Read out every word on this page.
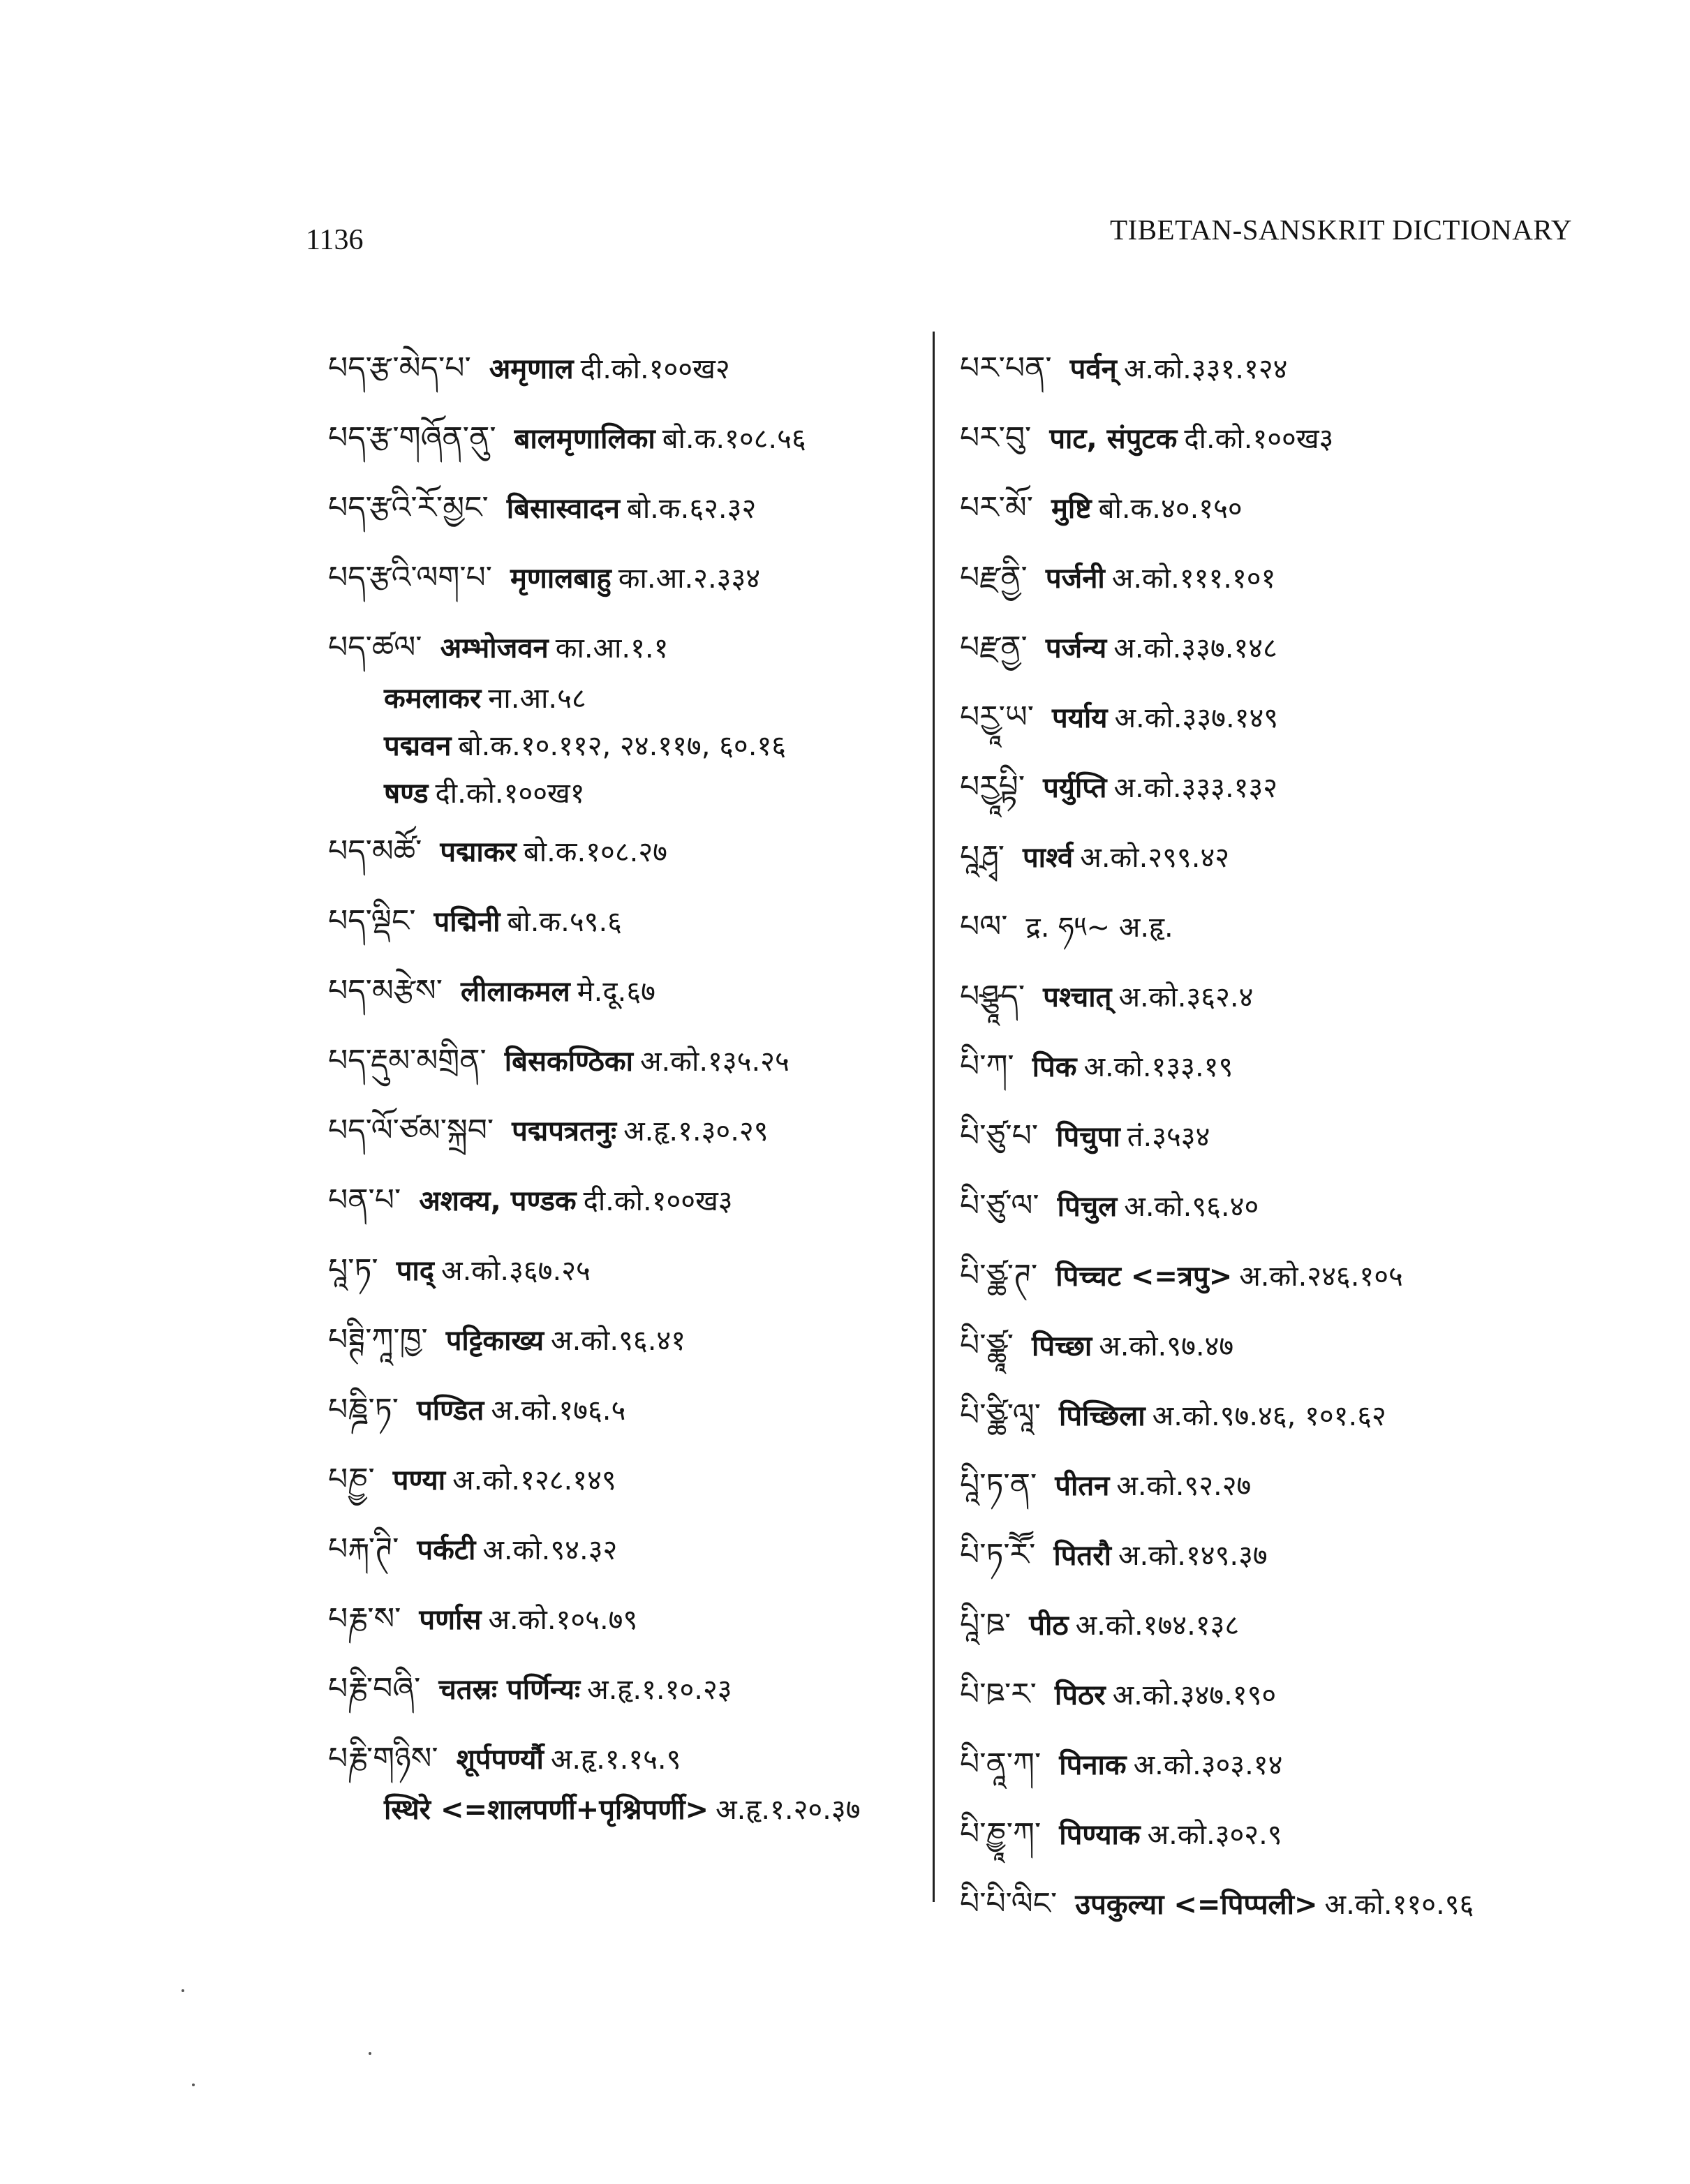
1136	TIBETAN-SANSKRIT DICTIONARY
པད་རྩ་མེད་པ་ अमृणाल दी.को.१००ख२
པད་རྩ་གཞོན་ནུ་ बालमृणालिका बो.क.१०८.५६
པད་རྩའི་རོ་མྱང་ बिसास्वादन बो.क.६२.३२
པད་རྩའི་ལག་པ་ मृणालबाहु का.आ.२.३३४
པད་ཚལ་ अम्भोजवन का.आ.१.१
कमलाकर ना.आ.५८
पद्मवन बो.क.१०.११२, २४.११७, ६०.१६
षण्ड दी.को.१००ख१
པད་མཚོ་ पद्माकर बो.क.१०८.२७
པད་ལྡིང་ पद्मिनी बो.क.५९.६
པད་མརྩེས་ लीलाकमल मे.दू.६७
པད་རྡུམ་མགྲིན་ बिसकण्ठिका अ.को.१३५.२५
པད་ལོ་ཙམ་སྐྲབ་ पद्मपत्रतनुः अ.हृ.१.३०.२९
པན་པ་ अशक्य, पण्डक दी.को.१००ख३
པཱ་ཏ་ पाद् अ.को.३६७.२५
པཊྚི་ཀཱ་ཁྱ་ पट्टिकाख्य अ.को.९६.४१
པཎྜི་ཏ་ पण्डित अ.को.१७६.५
པཎྱ་ पण्या अ.को.१२८.१४९
པརྐ་ཊི་ पर्कटी अ.को.९४.३२
པརྞ་ས་ पर्णास अ.को.१०५.७९
པརྞི་བཞི་ चतस्रः पर्णिन्यः अ.हृ.१.१०.२३
པརྞི་གཉིས་ शूर्पपर्ण्यौ अ.हृ.१.१५.९
स्थिरे <=शालपर्णी+पृश्निपर्णी> अ.हृ.१.२०.३७
པར་པན་ पर्वन् अ.को.३३१.१२४
པར་བུ་ पाट, संपुटक दी.को.१००ख३
པར་མོ་ मुष्टि बो.क.४०.१५०
པརྫནྱི་ पर्जनी अ.को.१११.१०१
པརྫནྱ་ पर्जन्य अ.को.३३७.१४८
པརྱཱ་ཡ་ पर्याय अ.को.३३७.१४९
པརྱཱཔྟི་ पर्युप्ति अ.को.३३३.१३२
པཱརྴྭ་ पार्श्व अ.को.२९९.४२
པལ་ द्र. ཧ༥~ अ.हृ.
པཤྩཱད་ पश्चात् अ.को.३६२.४
པི་ཀ་ पिक अ.को.१३३.१९
པི་ཙུ་པ་ पिचुपा तं.३५३४
པི་ཙུ་ལ་ पिचुल अ.को.९६.४०
པི་ཙྪ་ཊ་ पिच्चट <=त्रपु> अ.को.२४६.१०५
པི་ཙྪཱ་ पिच्छा अ.को.९७.४७
པི་ཙྪི་ལཱ་ पिच्छिला अ.को.९७.४६, १०१.६२
པཱི་ཏ་ན་ पीतन अ.को.९२.२७
པི་ཏ་རཽ་ पितरौ अ.को.१४९.३७
པཱི་ཋ་ पीठ अ.को.१७४.१३८
པི་ཋ་ར་ पिठर अ.को.३४७.१९०
པི་ནཱ་ཀ་ पिनाक अ.को.३०३.१४
པི་ཎྱཱ་ཀ་ पिण्याक अ.को.३०२.९
པི་པི་ལིང་ उपकुल्या <=पिप्पली> अ.को.११०.९६
